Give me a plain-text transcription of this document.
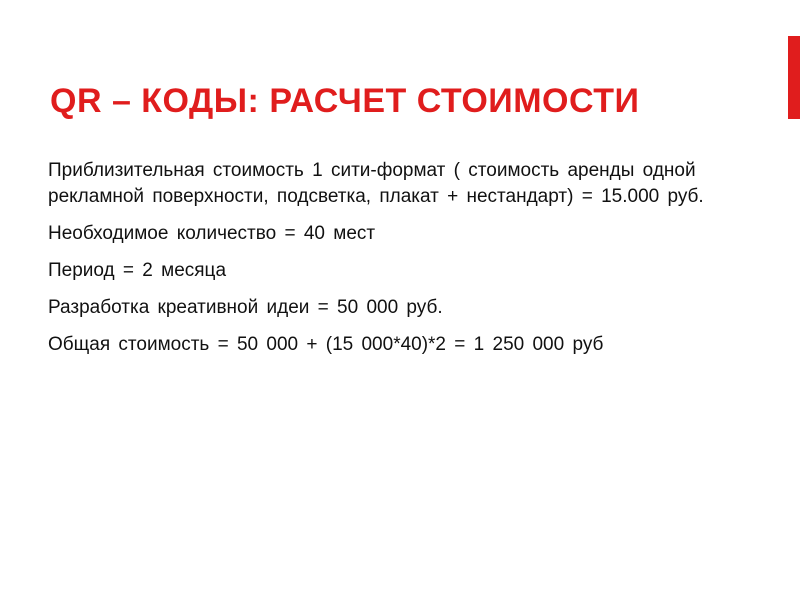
QR – КОДЫ: РАСЧЕТ СТОИМОСТИ

Приблизительная стоимость 1 сити-формат ( стоимость аренды одной рекламной поверхности, подсветка, плакат + нестандарт) = 15.000 руб.

Необходимое количество = 40 мест

Период = 2 месяца

Разработка креативной идеи = 50 000 руб.

Общая стоимость = 50 000 + (15 000*40)*2 = 1 250 000 руб
